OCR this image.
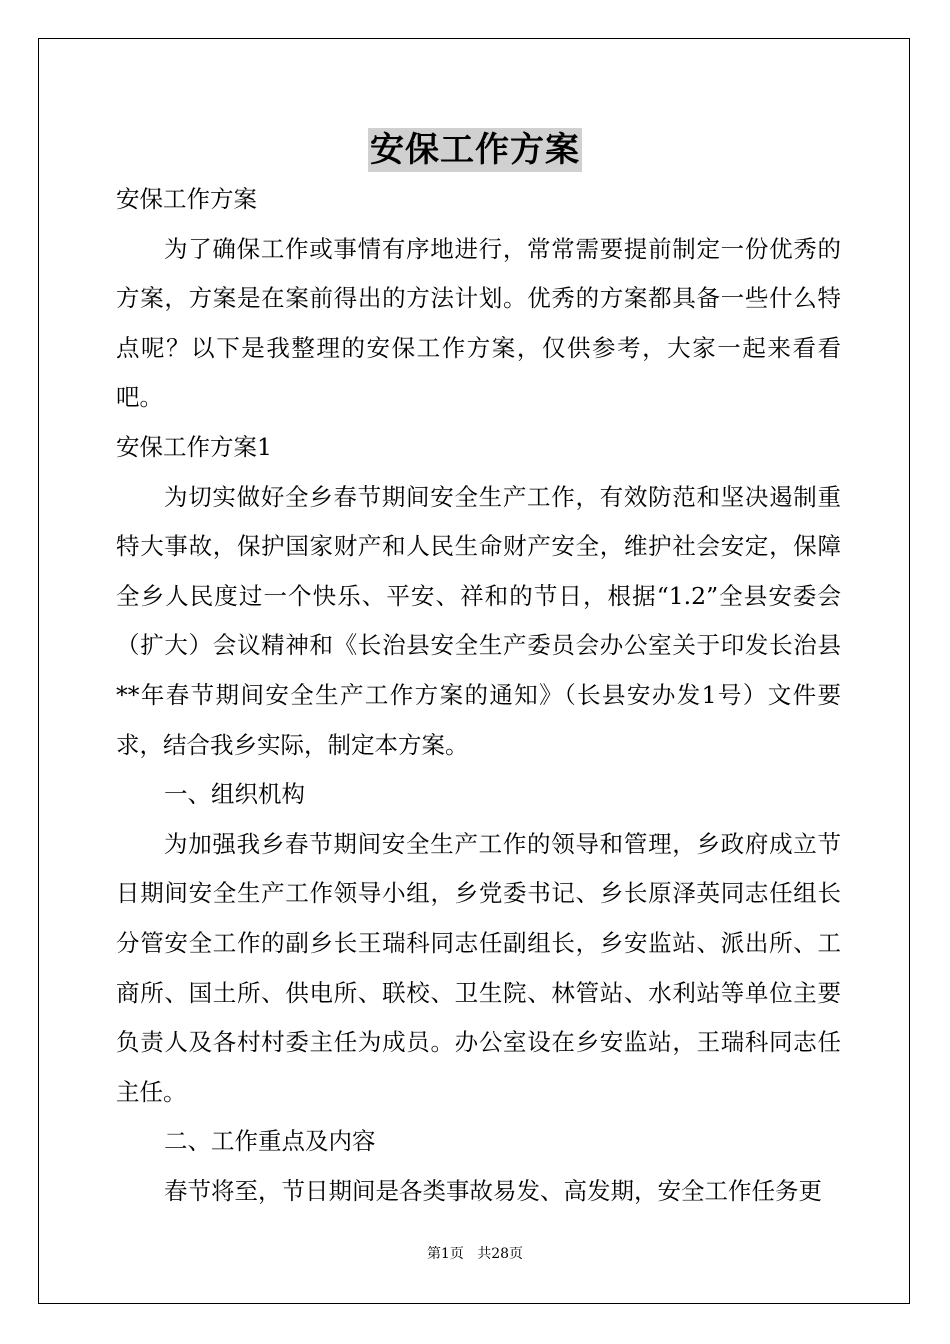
安保工作方案

安保工作方案

为了确保工作或事情有序地进行，常常需要提前制定一份优秀的方案，方案是在案前得出的方法计划。优秀的方案都具备一些什么特点呢？以下是我整理的安保工作方案，仅供参考，大家一起来看看吧。

安保工作方案1

为切实做好全乡春节期间安全生产工作，有效防范和坚决遏制重特大事故，保护国家财产和人民生命财产安全，维护社会安定，保障全乡人民度过一个快乐、平安、祥和的节日，根据“1.2”全县安委会（扩大）会议精神和《长治县安全生产委员会办公室关于印发长治县**年春节期间安全生产工作方案的通知》（长县安办发1号）文件要求，结合我乡实际，制定本方案。

一、组织机构

为加强我乡春节期间安全生产工作的领导和管理，乡政府成立节日期间安全生产工作领导小组，乡党委书记、乡长原泽英同志任组长分管安全工作的副乡长王瑞科同志任副组长，乡安监站、派出所、工商所、国土所、供电所、联校、卫生院、林管站、水利站等单位主要负责人及各村村委主任为成员。办公室设在乡安监站，王瑞科同志任主任。

二、工作重点及内容

春节将至，节日期间是各类事故易发、高发期，安全工作任务更

第1页 共28页
